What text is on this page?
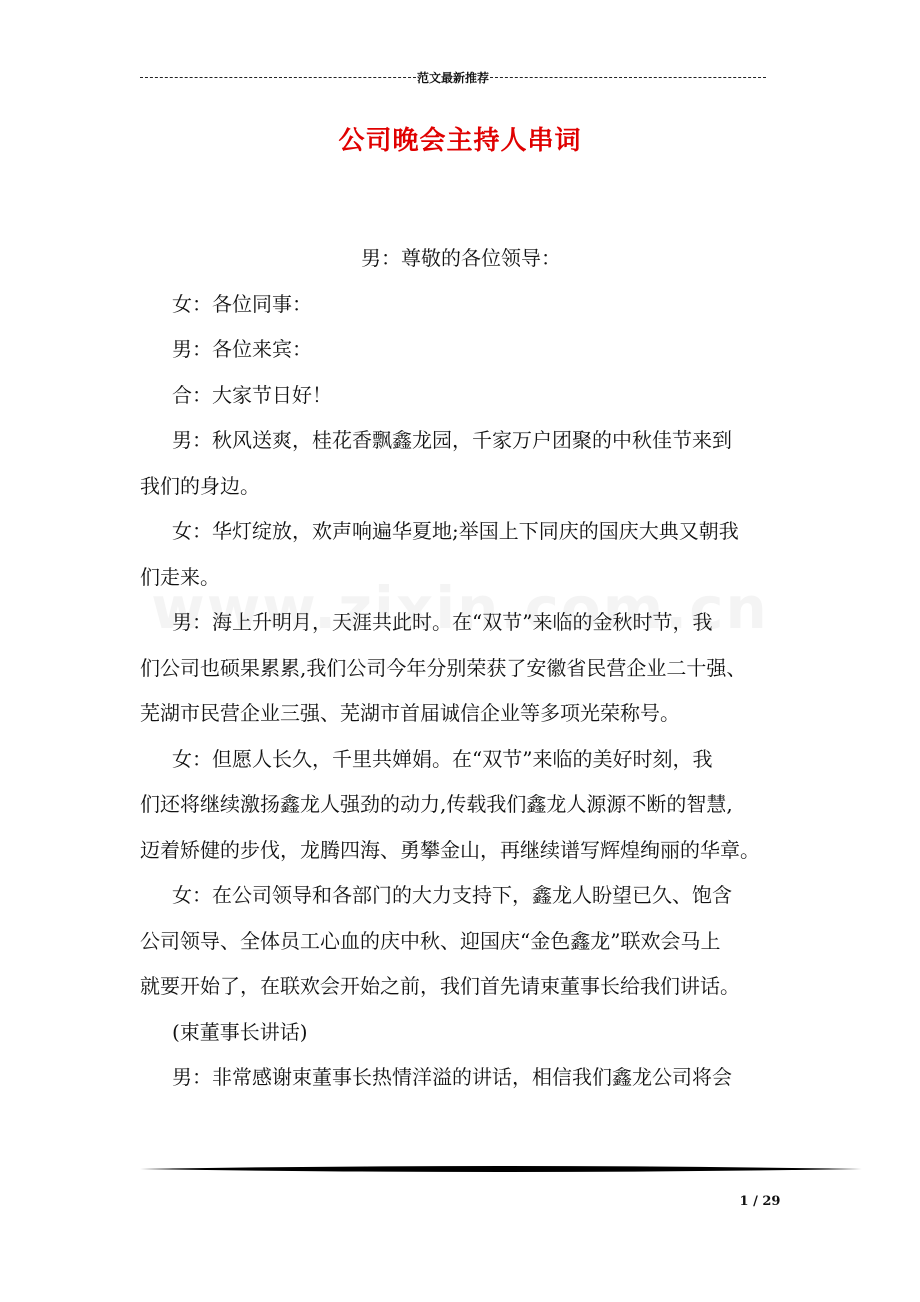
范文最新推荐
公司晚会主持人串词
男：尊敬的各位领导：
女：各位同事：
男：各位来宾：
合：大家节日好！
男：秋风送爽，桂花香飘鑫龙园，千家万户团聚的中秋佳节来到
我们的身边。
女：华灯绽放，欢声响遍华夏地;举国上下同庆的国庆大典又朝我
们走来。
男：海上升明月，天涯共此时。在“双节”来临的金秋时节，我
们公司也硕果累累,我们公司今年分别荣获了安徽省民营企业二十强、
芜湖市民营企业三强、芜湖市首届诚信企业等多项光荣称号。
女：但愿人长久，千里共婵娟。在“双节”来临的美好时刻，我
们还将继续激扬鑫龙人强劲的动力,传载我们鑫龙人源源不断的智慧,
迈着矫健的步伐，龙腾四海、勇攀金山，再继续谱写辉煌绚丽的华章。
女：在公司领导和各部门的大力支持下，鑫龙人盼望已久、饱含
公司领导、全体员工心血的庆中秋、迎国庆“金色鑫龙”联欢会马上
就要开始了，在联欢会开始之前，我们首先请束董事长给我们讲话。
(束董事长讲话)
男：非常感谢束董事长热情洋溢的讲话，相信我们鑫龙公司将会
1 / 29
